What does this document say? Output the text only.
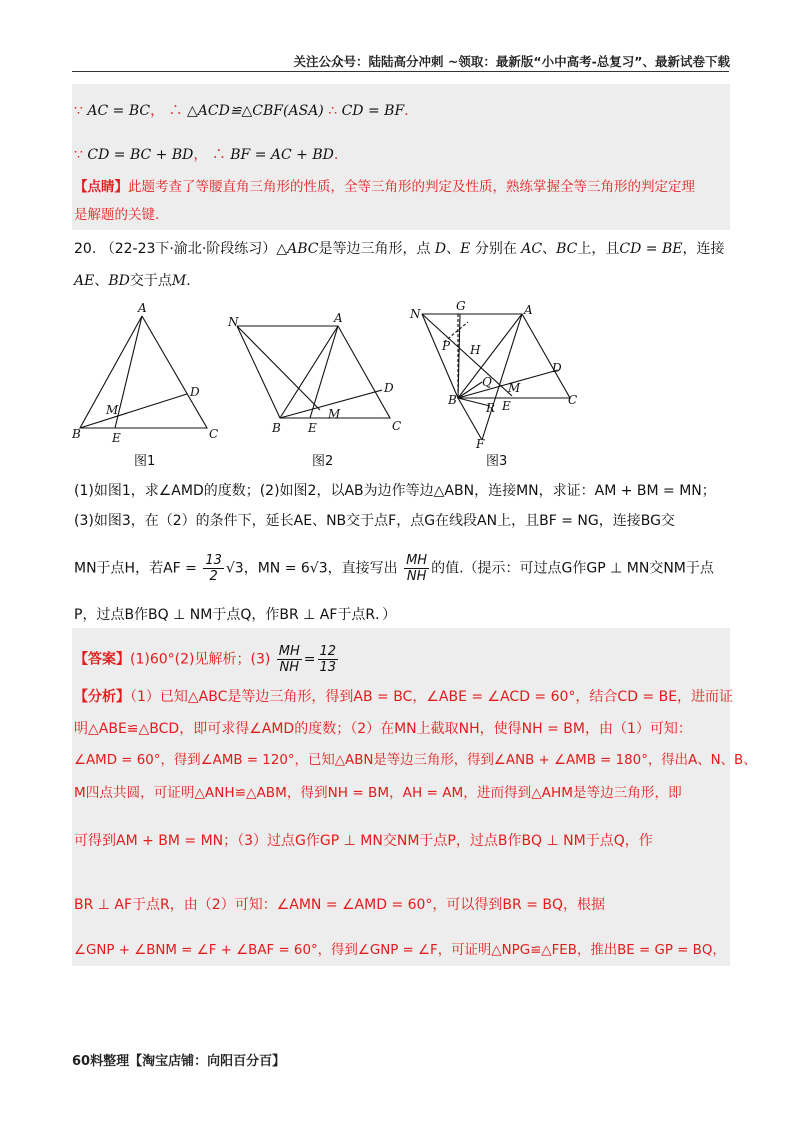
关注公众号：陆陆高分冲刺 ~领取：最新版“小中高考-总复习”、最新试卷下载
∵ AC = BC， ∴ △ACD≌△CBF(ASA) ∴ CD = BF.
∵ CD = BC + BD， ∴ BF = AC + BD.
【点睛】此题考查了等腰直角三角形的性质，全等三角形的判定及性质，熟练掌握全等三角形的判定定理
是解题的关键.
20. （22-23下·渝北·阶段练习）△ABC是等边三角形，点 D、E 分别在 AC、BC上，且CD = BE，连接
AE、BD交于点M.
A
B	C
D
E
M
N	A
B	C
D
E
M
G	A
N
P H
Q M
D
B
R E	C
F
图1	图2	图3
(1)如图1，求∠AMD的度数；(2)如图2，以AB为边作等边△ABN，连接MN，求证：AM + BM = MN；
(3)如图3，在（2）的条件下，延长AE、NB交于点F，点G在线段AN上，且BF = NG，连接BG交
MN于点H，若AF = $\frac{13}{2} √3$，MN = 6√3，直接写出 $\frac{MH}{NH}$ 的值.（提示：可过点G作GP ⊥ MN交NM于点
P，过点B作BQ ⊥ NM于点Q，作BR ⊥ AF于点R．）
【答案】(1)60°(2)见解析；$(3) \frac{MH}{NH} = \frac{12}{13}$
【分析】（1）已知△ABC是等边三角形，得到AB = BC，∠ABE = ∠ACD = 60°，结合CD = BE，进而证
明△ABE≌△BCD，即可求得∠AMD的度数；（2）在MN上截取NH，使得NH = BM，由（1）可知：
∠AMD = 60°，得到∠AMB = 120°，已知△ABN是等边三角形，得到∠ANB + ∠AMB = 180°，得出A、N、B、
M四点共圆，可证明△ANH≌△ABM，得到NH = BM，AH = AM，进而得到△AHM是等边三角形，即
可得到AM + BM = MN；（3）过点G作GP ⊥ MN交NM于点P，过点B作BQ ⊥ NM于点Q，作
BR ⊥ AF于点R，由（2）可知：∠AMN = ∠AMD = 60°，可以得到BR = BQ，根据
∠GNP + ∠BNM = ∠F + ∠BAF = 60°，得到∠GNP = ∠F，可证明△NPG≌△FEB，推出BE = GP = BQ，
60料整理【淘宝店铺：向阳百分百】
